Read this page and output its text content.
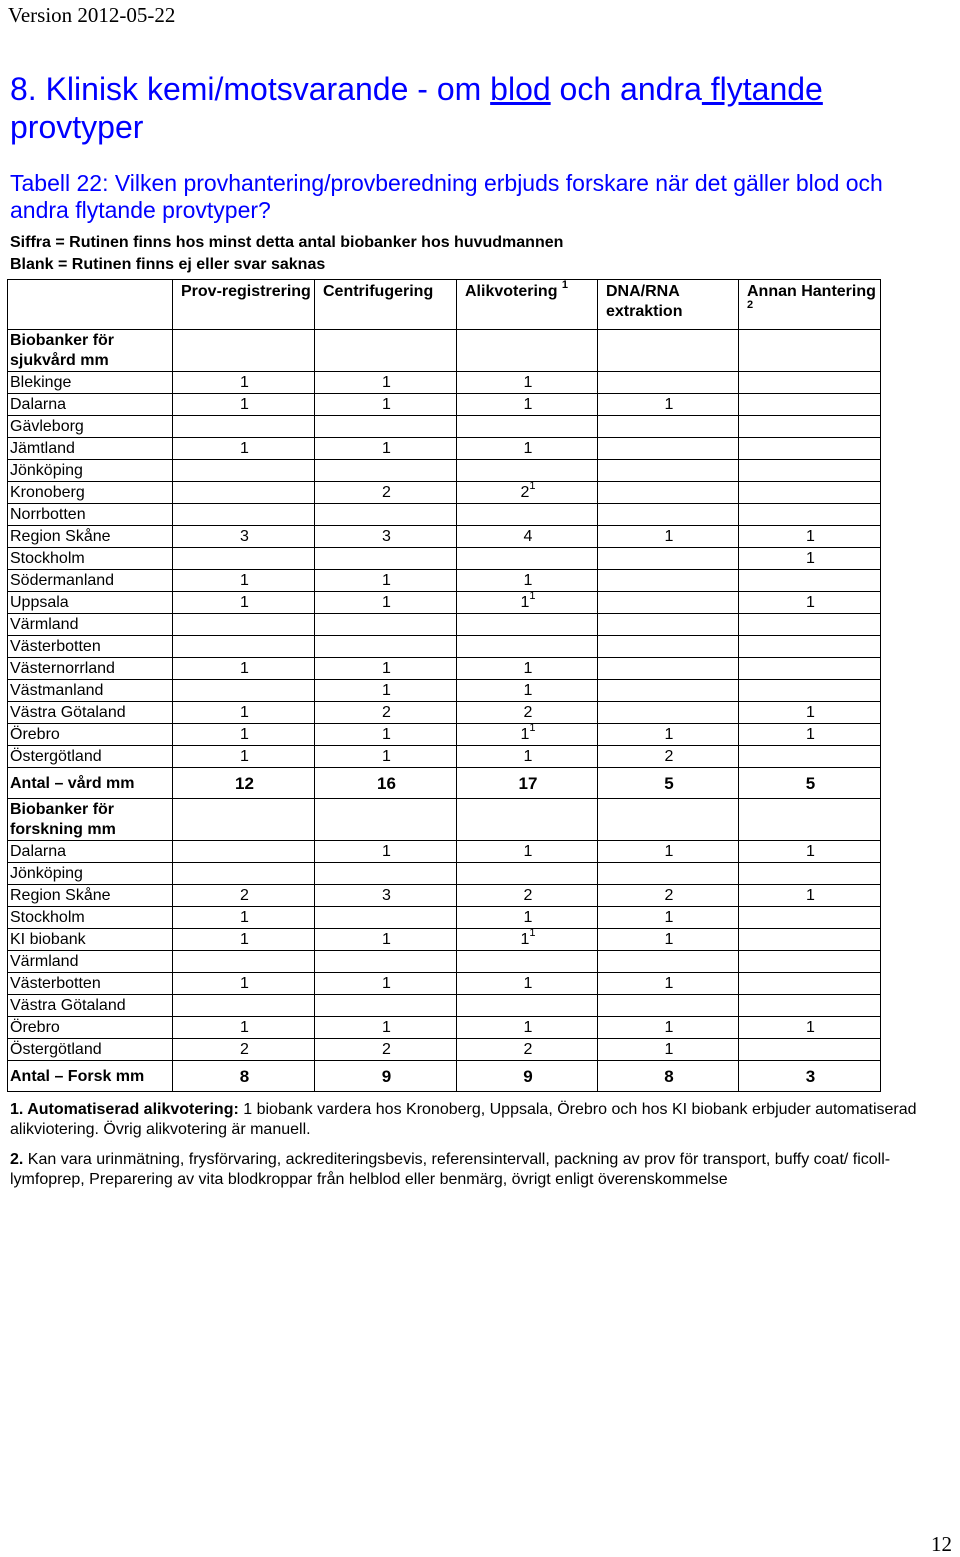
Version 2012-05-22
8. Klinisk kemi/motsvarande - om blod och andra flytande provtyper
Tabell 22: Vilken provhantering/provberedning erbjuds forskare när det gäller blod och andra flytande provtyper?
Siffra = Rutinen finns hos minst detta antal biobanker hos huvudmannen
Blank = Rutinen finns ej eller svar saknas
	Prov-registrering	Centrifugering	Alikvotering $^1$	DNA/RNA extraktion	Annan Hantering $^2$
Biobanker för sjukvård mm					
Blekinge	1	1	1		
Dalarna	1	1	1	1	
Gävleborg					
Jämtland	1	1	1		
Jönköping					
Kronoberg		2	$2^1$		
Norrbotten					
Region Skåne	3	3	4	1	1
Stockholm					1
Södermanland	1	1	1		
Uppsala	1	1	$1^1$		1
Värmland					
Västerbotten					
Västernorrland	1	1	1		
Västmanland		1	1		
Västra Götaland	1	2	2		1
Örebro	1	1	$1^1$	1	1
Östergötland	1	1	1	2	
Antal – vård mm	12	16	17	5	5
Biobanker för forskning mm					
Dalarna		1	1	1	1
Jönköping					
Region Skåne	2	3	2	2	1
Stockholm	1		1	1	
KI biobank	1	1	$1^1$	1	
Värmland					
Västerbotten	1	1	1	1	
Västra Götaland					
Örebro	1	1	1	1	1
Östergötland	2	2	2	1	
Antal – Forsk mm	8	9	9	8	3

1. Automatiserad alikvotering: 1 biobank vardera hos Kronoberg, Uppsala, Örebro och hos KI biobank erbjuder automatiserad alikviotering. Övrig alikvotering är manuell.

2. Kan vara urinmätning, frysförvaring, ackrediteringsbevis, referensintervall, packning av prov för transport, buffy coat/ ficoll-lymfoprep, Preparering av vita blodkroppar från helblod eller benmärg, övrigt enligt överenskommelse

12
